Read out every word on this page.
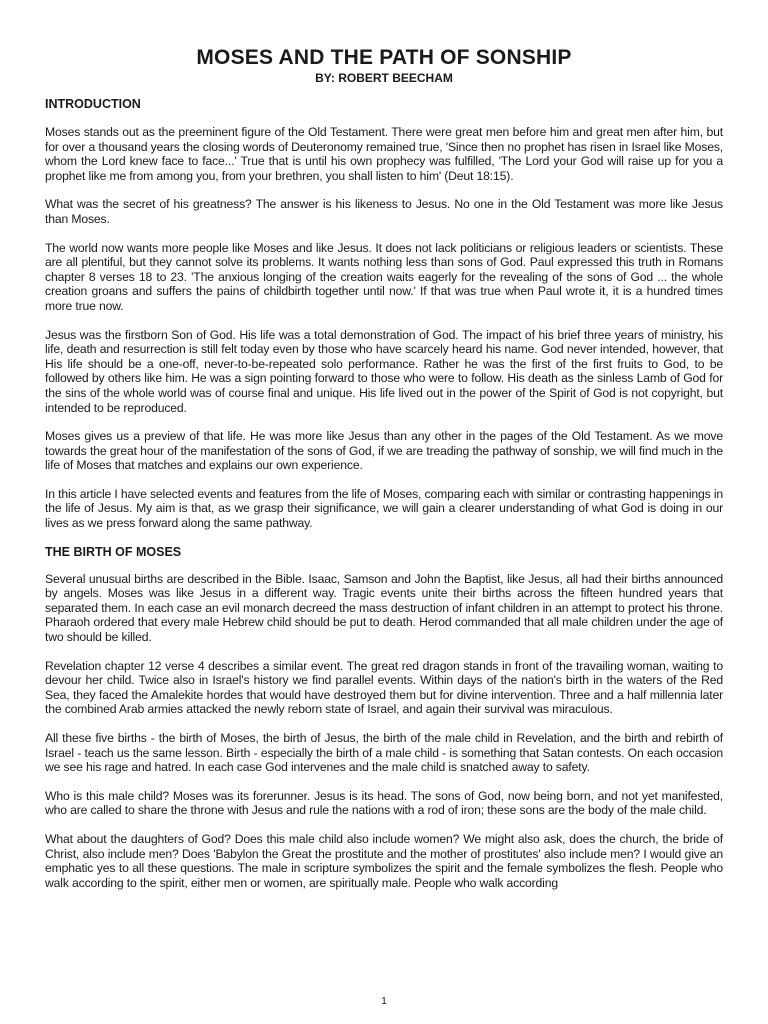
MOSES AND THE PATH OF SONSHIP
BY: ROBERT BEECHAM
INTRODUCTION

Moses stands out as the preeminent figure of the Old Testament. There were great men before him and great men after him, but for over a thousand years the closing words of Deuteronomy remained true, 'Since then no prophet has risen in Israel like Moses, whom the Lord knew face to face...' True that is until his own prophecy was fulfilled, 'The Lord your God will raise up for you a prophet like me from among you, from your brethren, you shall listen to him' (Deut 18:15).

What was the secret of his greatness? The answer is his likeness to Jesus. No one in the Old Testament was more like Jesus than Moses.

The world now wants more people like Moses and like Jesus. It does not lack politicians or religious leaders or scientists. These are all plentiful, but they cannot solve its problems. It wants nothing less than sons of God. Paul expressed this truth in Romans chapter 8 verses 18 to 23. 'The anxious longing of the creation waits eagerly for the revealing of the sons of God ... the whole creation groans and suffers the pains of childbirth together until now.' If that was true when Paul wrote it, it is a hundred times more true now.

Jesus was the firstborn Son of God. His life was a total demonstration of God. The impact of his brief three years of ministry, his life, death and resurrection is still felt today even by those who have scarcely heard his name. God never intended, however, that His life should be a one-off, never-to-be-repeated solo performance. Rather he was the first of the first fruits to God, to be followed by others like him. He was a sign pointing forward to those who were to follow. His death as the sinless Lamb of God for the sins of the whole world was of course final and unique. His life lived out in the power of the Spirit of God is not copyright, but intended to be reproduced.

Moses gives us a preview of that life. He was more like Jesus than any other in the pages of the Old Testament. As we move towards the great hour of the manifestation of the sons of God, if we are treading the pathway of sonship, we will find much in the life of Moses that matches and explains our own experience.

In this article I have selected events and features from the life of Moses, comparing each with similar or contrasting happenings in the life of Jesus. My aim is that, as we grasp their significance, we will gain a clearer understanding of what God is doing in our lives as we press forward along the same pathway.

THE BIRTH OF MOSES

Several unusual births are described in the Bible. Isaac, Samson and John the Baptist, like Jesus, all had their births announced by angels. Moses was like Jesus in a different way. Tragic events unite their births across the fifteen hundred years that separated them. In each case an evil monarch decreed the mass destruction of infant children in an attempt to protect his throne. Pharaoh ordered that every male Hebrew child should be put to death. Herod commanded that all male children under the age of two should be killed.

Revelation chapter 12 verse 4 describes a similar event. The great red dragon stands in front of the travailing woman, waiting to devour her child. Twice also in Israel's history we find parallel events. Within days of the nation's birth in the waters of the Red Sea, they faced the Amalekite hordes that would have destroyed them but for divine intervention. Three and a half millennia later the combined Arab armies attacked the newly reborn state of Israel, and again their survival was miraculous.

All these five births - the birth of Moses, the birth of Jesus, the birth of the male child in Revelation, and the birth and rebirth of Israel - teach us the same lesson. Birth - especially the birth of a male child - is something that Satan contests. On each occasion we see his rage and hatred. In each case God intervenes and the male child is snatched away to safety.

Who is this male child? Moses was its forerunner. Jesus is its head. The sons of God, now being born, and not yet manifested, who are called to share the throne with Jesus and rule the nations with a rod of iron; these sons are the body of the male child.

What about the daughters of God? Does this male child also include women? We might also ask, does the church, the bride of Christ, also include men? Does 'Babylon the Great the prostitute and the mother of prostitutes' also include men? I would give an emphatic yes to all these questions. The male in scripture symbolizes the spirit and the female symbolizes the flesh. People who walk according to the spirit, either men or women, are spiritually male. People who walk according

1
